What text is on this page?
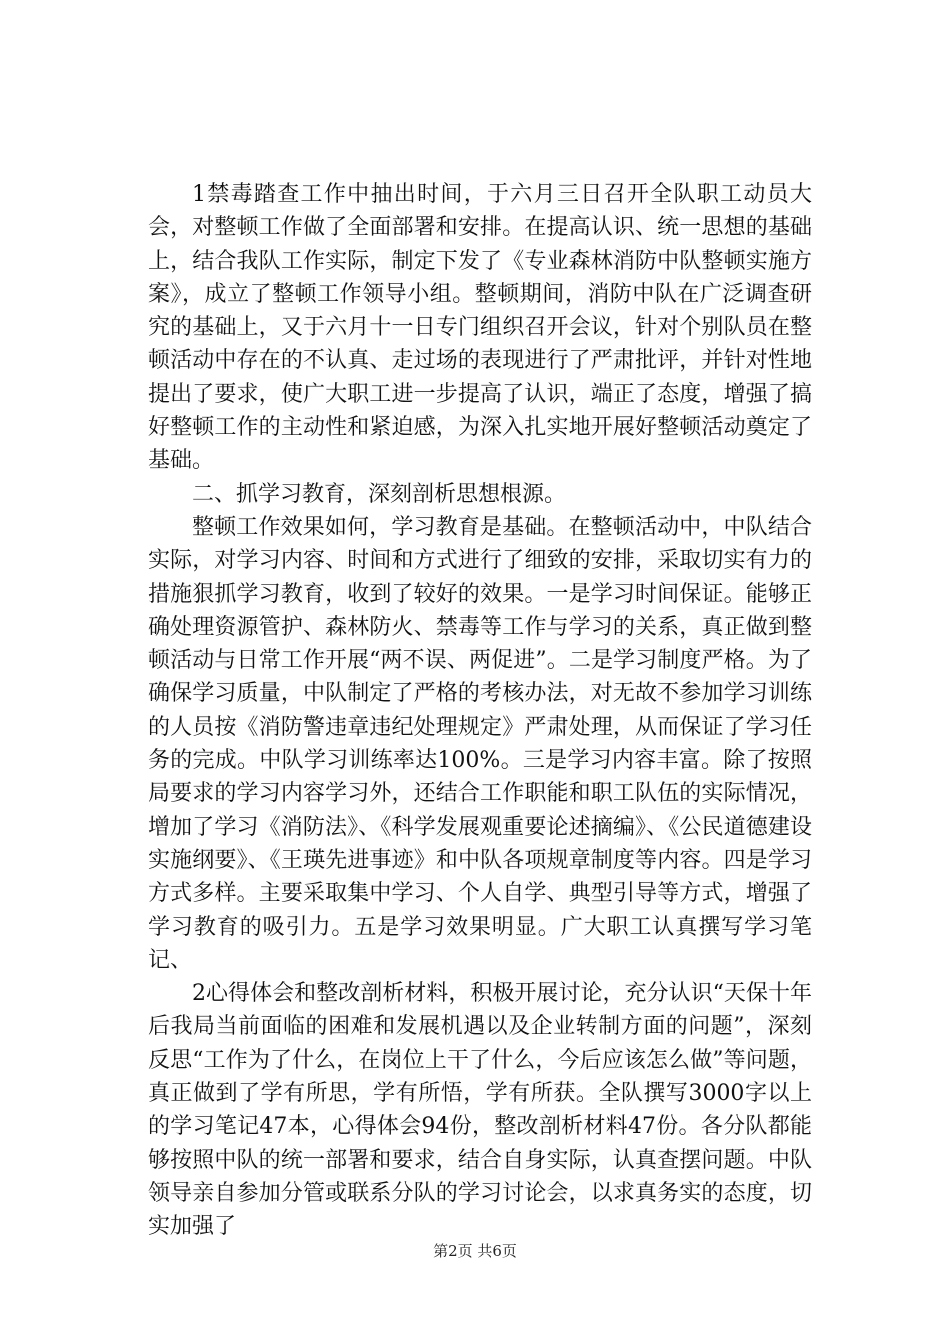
1禁毒踏查工作中抽出时间，于六月三日召开全队职工动员大会，对整顿工作做了全面部署和安排。在提高认识、统一思想的基础上，结合我队工作实际，制定下发了《专业森林消防中队整顿实施方案》，成立了整顿工作领导小组。整顿期间，消防中队在广泛调查研究的基础上，又于六月十一日专门组织召开会议，针对个别队员在整顿活动中存在的不认真、走过场的表现进行了严肃批评，并针对性地提出了要求，使广大职工进一步提高了认识，端正了态度，增强了搞好整顿工作的主动性和紧迫感，为深入扎实地开展好整顿活动奠定了基础。

二、抓学习教育，深刻剖析思想根源。

整顿工作效果如何，学习教育是基础。在整顿活动中，中队结合实际，对学习内容、时间和方式进行了细致的安排，采取切实有力的措施狠抓学习教育，收到了较好的效果。一是学习时间保证。能够正确处理资源管护、森林防火、禁毒等工作与学习的关系，真正做到整顿活动与日常工作开展“两不误、两促进”。二是学习制度严格。为了确保学习质量，中队制定了严格的考核办法，对无故不参加学习训练的人员按《消防警违章违纪处理规定》严肃处理，从而保证了学习任务的完成。中队学习训练率达100%。三是学习内容丰富。除了按照局要求的学习内容学习外，还结合工作职能和职工队伍的实际情况，增加了学习《消防法》、《科学发展观重要论述摘编》、《公民道德建设实施纲要》、《王瑛先进事迹》和中队各项规章制度等内容。四是学习方式多样。主要采取集中学习、个人自学、典型引导等方式，增强了学习教育的吸引力。五是学习效果明显。广大职工认真撰写学习笔记、

2心得体会和整改剖析材料，积极开展讨论，充分认识“天保十年后我局当前面临的困难和发展机遇以及企业转制方面的问题”，深刻反思“工作为了什么，在岗位上干了什么，今后应该怎么做”等问题，真正做到了学有所思，学有所悟，学有所获。全队撰写3000字以上的学习笔记47本，心得体会94份，整改剖析材料47份。各分队都能够按照中队的统一部署和要求，结合自身实际，认真查摆问题。中队领导亲自参加分管或联系分队的学习讨论会，以求真务实的态度，切实加强了

第2页 共6页
